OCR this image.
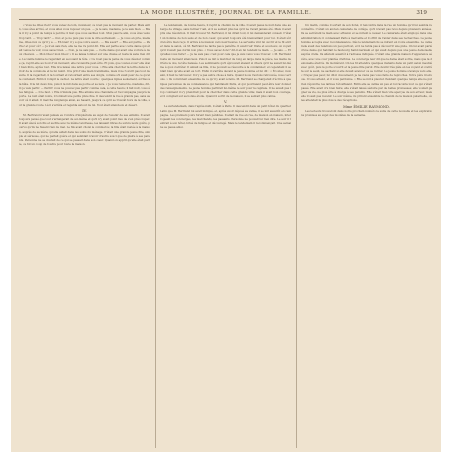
LA MODE ILLUSTRÉE, JOURNAL DE LA FAMILLE.	319

« Vous ne dites rien? vous venez de loin, monsieur, ce n'est pas le moment de parler. Mais enfin, vous êtes arrivé, et vous allez vous reposer un peu. — Je le sais, madame, je le sais bien. — Mais il n'y a point de temps à perdre; il faut que vous sachiez tout. Mon pauvre ami, vous êtes venu trop tard. — Trop tard? — Oui; et je ne puis pas vous le dire autrement. — Je vous en prie, madame, dites-moi ce qu'il y a. — Eh bien! il y a que votre sœur... — Ma sœur? — Elle est partie. — Partie! et pour où? — Je n'en sais rien, elle ne me l'a point dit. Elle est partie avec cette dame qui était venue la voir, vous savez bien. — Non, je ne sais pas. — Cette dame qui avait une voiture à deux chevaux. — Mon Dieu! mon Dieu! » Il se laissa tomber sur une chaise et resta là sans rien dire. La vieille femme le regardait en secouant la tête. « Ce n'est pas la peine de vous désoler comme ça, reprit-elle au bout d'un moment; elle reviendra peut-être. Et puis, que voulez-vous? elle était bien libre, après tout. Elle m'a laissé une lettre pour vous. » Elle alla chercher la lettre dans le tiroir de la commode et la lui remit. Il la prit d'une main tremblante, mais il ne l'ouvrit pas tout de suite. Il la regardait, il la tournait et retournait entre ses doigts, comme s'il avait peur de ce qu'elle contenait. Enfin il rompit le cachet. La lettre était courte : quelques lignes seulement, écrites à la hâte. Il la lut deux fois, puis il la mit dans sa poche et se leva. « Je vous remercie, madame, dit-il; je vais partir. — Partir! vous ne pouvez pas partir comme cela, à cette heure; il fait nuit, vous êtes fatigué. — Il le faut. » Elle n'insista pas. Elle alluma une chandelle et l'accompagna jusqu'à la porte. La nuit était noire, il tombait une petite pluie fine. Il descendit la rue à grands pas, sans savoir où il allait. Il marcha longtemps ainsi, au hasard, jusqu'à ce qu'il se trouvât hors de la ville, sur la grande route. Là il s'arrêta et regarda autour de lui. Tout était silencieux et désert.

IV.

M. Bertrand n'avait jamais eu l'ombre d'inquiétude au sujet de l'avenir de ses enfants. Il avait toujours pensé que tout s'arrangerait de soi-même et qu'il n'y avait point lieu de s'en préoccuper. Il avait élevé son fils et sa fille avec la même tendresse, les laissant libres de suivre leurs goûts, pourvu qu'ils ne fissent rien de mal. Le fils avait choisi le commerce; la fille était restée à la maison, auprès de sa mère, qu'elle aidait dans les soins du ménage. C'était une grande jeune fille, simple et sérieuse, qui ne parlait guère et qui semblait n'avoir d'autre souci que de plaire à ses parents. Personne ne se doutait de ce qui se passait dans son cœur. Quand on apprit qu'elle était partie, ce fut un coup de foudre pour toute la maison.

Le lendemain, de bonne heure, il reprit le chemin de la ville. Il avait passé la nuit dans une auberge de village, sans fermer l'œil, et il se sentait plus las qu'il ne l'avait jamais été. Mais il avait pris une résolution. Il irait trouver M. Bertrand, il lui dirait tout, il lui demanderait conseil. C'était un homme de bon sens et de bon cœur, qui avait toujours été bienveillant pour lui. Il était sûr d'en être bien reçu. Il arriva à la maison vers neuf heures. La servante vint lui ouvrir et le fit entrer dans le salon, où M. Bertrand ne tarda pas à paraître. Il avait l'air triste et soucieux; on voyait qu'il n'avait pas dormi non plus. « Vous savez donc? dit-il en lui tendant la main. — Je sais. — Et qu'allez-vous faire? — Je ne sais pas; c'est pour cela que je suis venu vous trouver. » M. Bertrand resta un moment silencieux. Puis il se mit à marcher de long en large dans la pièce, les mains derrière le dos, la tête baissée. Les sentiments qu'il éprouvait étaient si divers qu'il ne savait lui-même à quoi s'arrêter. Il aimait sa fille, il ne pouvait se résoudre à la condamner; et cependant il sentait bien qu'elle avait eu tort. Enfin il s'arrêta devant le jeune homme et lui dit : « Écoutez, mon ami, il faut la retrouver. Il n'y a pas autre chose à faire. Quand nous l'aurons retrouvée, nous verrons. » Ils convinrent ensemble de ce qu'il y avait à faire. M. Bertrand se chargerait d'écrire à quelques personnes de sa connaissance qui habitaient Paris, et qui pourraient peut-être leur donner des renseignements. Le jeune homme partirait lui-même le soir pour la capitale. Il ne savait pas trop comment il s'y prendrait pour la chercher dans cette grande ville; mais il avait bon courage, et il comptait sur sa bonne étoile. Quand il sortit de la maison, il se sentait plus calme.

V.

Le surlendemain, dans l'après-midi, il était à Paris. Il descendit dans un petit hôtel du quartier Latin que M. Bertrand lui avait indiqué, et, après avoir déposé sa valise, il se mit aussitôt en campagne. Les premiers jours furent bien pénibles. Il allait de rue en rue, de maison en maison, interrogeant les concierges, les marchands, les passants. Personne ne pouvait lui rien dire. Le soir il rentrait à son hôtel, brisé de fatigue et découragé. Mais le lendemain il recommençait. Une semaine se passa ainsi.

Un matin, comme il sortait de son hôtel, il rencontra dans la rue un homme qu'il lui sembla reconnaître. C'était un ancien camarade de collège, qu'il n'avait pas revu depuis plusieurs années. Ils se serrèrent la main avec effusion et se mirent à causer. Le camarade était employé dans une administration; il connaissait Paris à merveille et il offrit de l'aider dans ses recherches. Le jeune homme accepta avec reconnaissance. Dès le lendemain ils se mirent en route ensemble. Le camarade avait des relations un peu partout, et il ne tarda pas à découvrir une piste. On lui avait parlé d'une dame qui habitait le faubourg Saint-Germain et qui avait depuis peu une jeune demoiselle auprès d'elle. Ils allèrent aussitôt à l'adresse indiquée. C'était une grande maison d'apparence sévère, avec une cour plantée d'arbres. Le concierge leur dit que la dame était sortie, mais que la demoiselle était là. Ils montèrent. On les fit attendre quelques instants dans un petit salon meublé avec goût, puis la porte s'ouvrit et la jeune fille parut. Elle devint très pâle en les voyant et s'arrêta sur le seuil, ne sachant si elle devait avancer ou se retirer. Le jeune homme s'avança vers elle. « N'ayez pas peur, lui dit-il doucement; je ne viens pas vous faire de reproches. Votre père m'envoie. Il vous attend, et il vous pardonne. » Elle se mit à pleurer. Pendant quelque temps elle ne put rien répondre; les larmes l'étouffaient. Enfin elle se calma un peu et lui raconta tout ce qui s'était passé. Elle avait cru bien faire; elle s'était laissé séduire par de belles promesses; elle voulait gagner sa vie, ne plus être à charge à ses parents. Elle s'était bien vite aperçue de son erreur, mais elle n'osait pas revenir. Le soir même, ils prirent ensemble le chemin de la maison paternelle, où les attendait la plus douce des réceptions.

Mme ÉMILIE RAYMOND.

Les lecteurs trouveront dans notre prochain numéro la suite de cette nouvelle et les explications promises au sujet des modèles de la semaine.
